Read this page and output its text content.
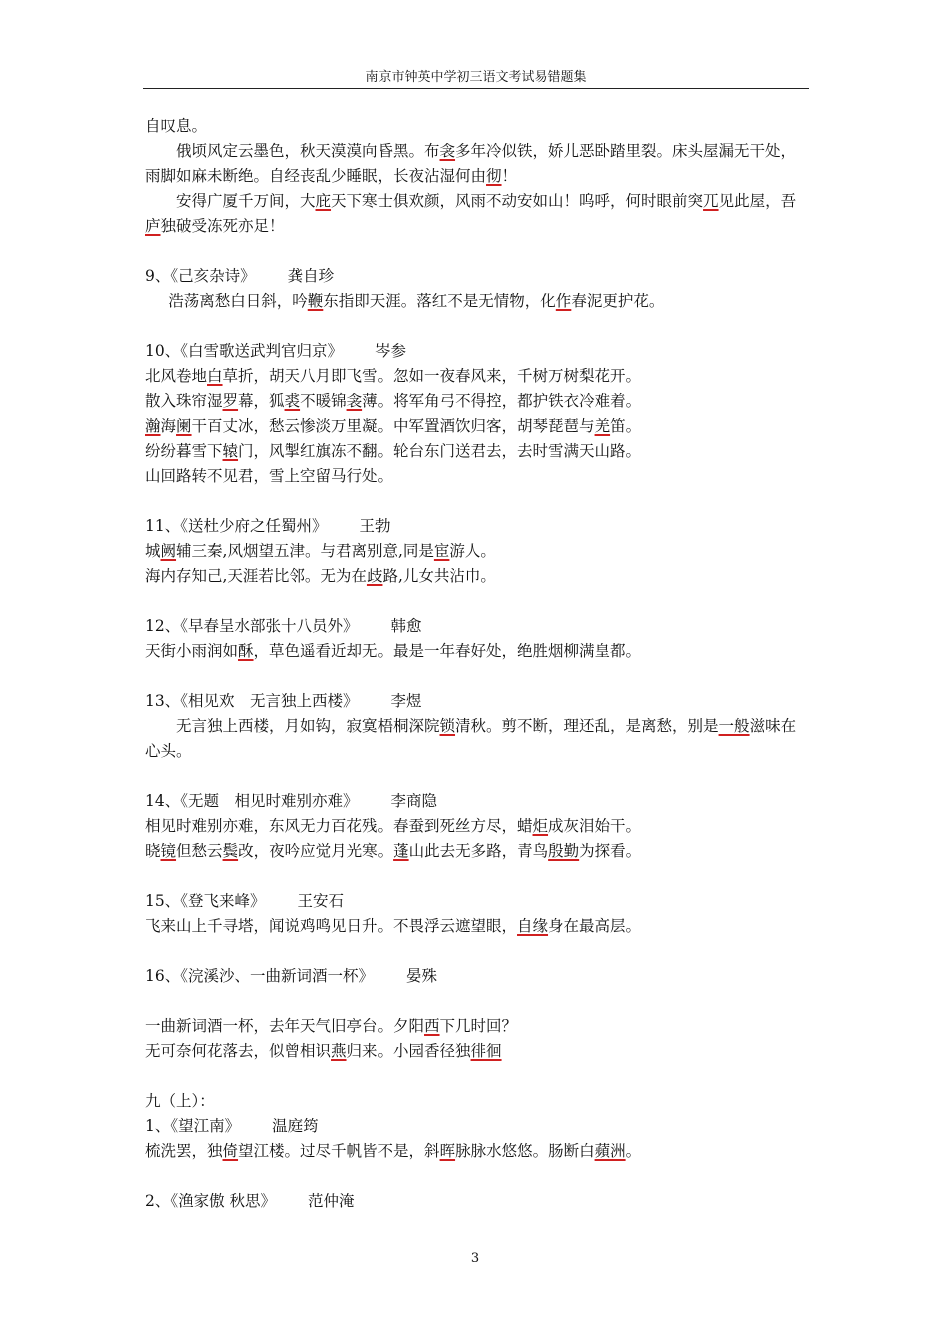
南京市钟英中学初三语文考试易错题集
自叹息。
俄顷风定云墨色，秋天漠漠向昏黑。布衾多年冷似铁，娇儿恶卧踏里裂。床头屋漏无干处，雨脚如麻未断绝。自经丧乱少睡眠，长夜沾湿何由彻！
安得广厦千万间，大庇天下寒士俱欢颜，风雨不动安如山！呜呼，何时眼前突兀见此屋，吾庐独破受冻死亦足！
9、《己亥杂诗》 龚自珍
浩荡离愁白日斜，吟鞭东指即天涯。落红不是无情物，化作春泥更护花。
10、《白雪歌送武判官归京》 岑参
北风卷地白草折，胡天八月即飞雪。忽如一夜春风来，千树万树梨花开。
散入珠帘湿罗幕，狐裘不暖锦衾薄。将军角弓不得控，都护铁衣冷难着。
瀚海阑干百丈冰，愁云惨淡万里凝。中军置酒饮归客，胡琴琵琶与羌笛。
纷纷暮雪下辕门，风掣红旗冻不翻。轮台东门送君去，去时雪满天山路。
山回路转不见君，雪上空留马行处。
11、《送杜少府之任蜀州》 王勃
城阙辅三秦,风烟望五津。与君离别意,同是宦游人。
海内存知己,天涯若比邻。无为在歧路,儿女共沾巾。
12、《早春呈水部张十八员外》 韩愈
天街小雨润如酥，草色遥看近却无。最是一年春好处，绝胜烟柳满皇都。
13、《相见欢　无言独上西楼》 李煜
无言独上西楼，月如钩，寂寞梧桐深院锁清秋。剪不断，理还乱，是离愁，别是一般滋味在心头。
14、《无题　相见时难别亦难》 李商隐
相见时难别亦难，东风无力百花残。春蚕到死丝方尽，蜡炬成灰泪始干。
晓镜但愁云鬓改，夜吟应觉月光寒。蓬山此去无多路，青鸟殷勤为探看。
15、《登飞来峰》 王安石
飞来山上千寻塔，闻说鸡鸣见日升。不畏浮云遮望眼，自缘身在最高层。
16、《浣溪沙、一曲新词酒一杯》 晏殊
一曲新词酒一杯，去年天气旧亭台。夕阳西下几时回？
无可奈何花落去，似曾相识燕归来。小园香径独徘徊
九（上）：
1、《望江南》 温庭筠
梳洗罢，独倚望江楼。过尽千帆皆不是，斜晖脉脉水悠悠。肠断白蘋洲。
2、《渔家傲 秋思》 范仲淹
3
